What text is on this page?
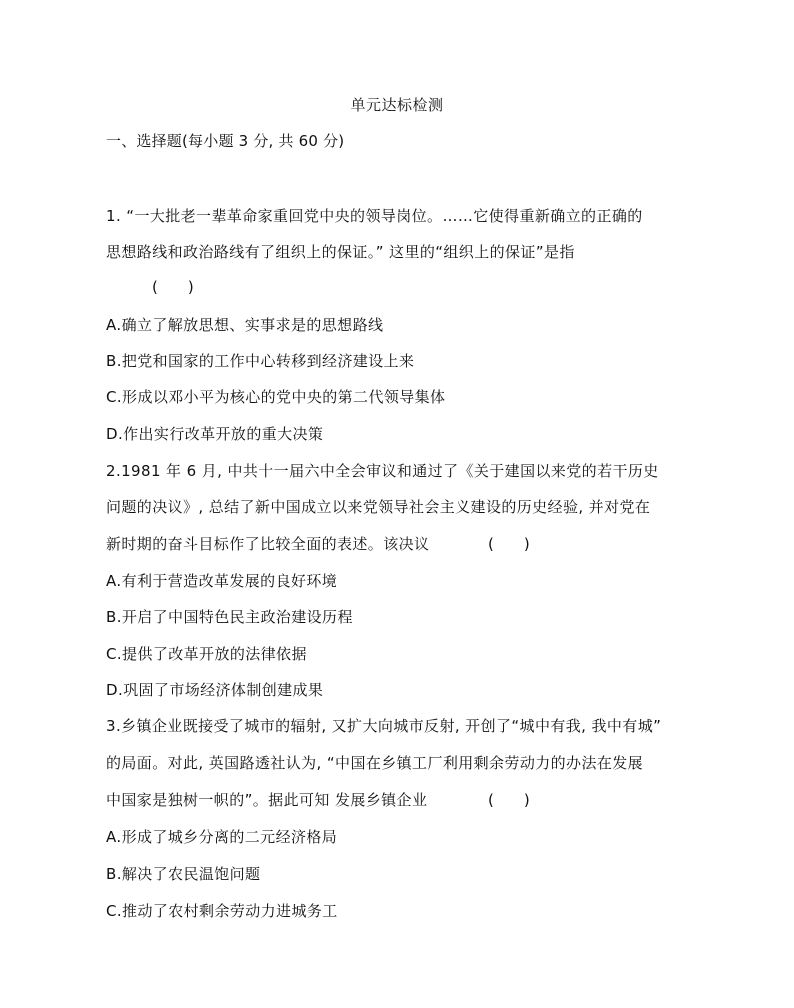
单元达标检测
一、选择题(每小题 3 分, 共 60 分)
1. “一大批老一辈革命家重回党中央的领导岗位。……它使得重新确立的正确的
思想路线和政治路线有了组织上的保证。” 这里的“组织上的保证”是指
(　　)
A.确立了解放思想、实事求是的思想路线
B.把党和国家的工作中心转移到经济建设上来
C.形成以邓小平为核心的党中央的第二代领导集体
D.作出实行改革开放的重大决策
2.1981 年 6 月, 中共十一届六中全会审议和通过了《关于建国以来党的若干历史
问题的决议》, 总结了新中国成立以来党领导社会主义建设的历史经验, 并对党在
新时期的奋斗目标作了比较全面的表述。该决议	(　　)
A.有利于营造改革发展的良好环境
B.开启了中国特色民主政治建设历程
C.提供了改革开放的法律依据
D.巩固了市场经济体制创建成果
3.乡镇企业既接受了城市的辐射, 又扩大向城市反射, 开创了“城中有我, 我中有城”
的局面。对此, 英国路透社认为, “中国在乡镇工厂利用剩余劳动力的办法在发展
中国家是独树一帜的”。据此可知 发展乡镇企业	(　　)
A.形成了城乡分离的二元经济格局
B.解决了农民温饱问题
C.推动了农村剩余劳动力进城务工
